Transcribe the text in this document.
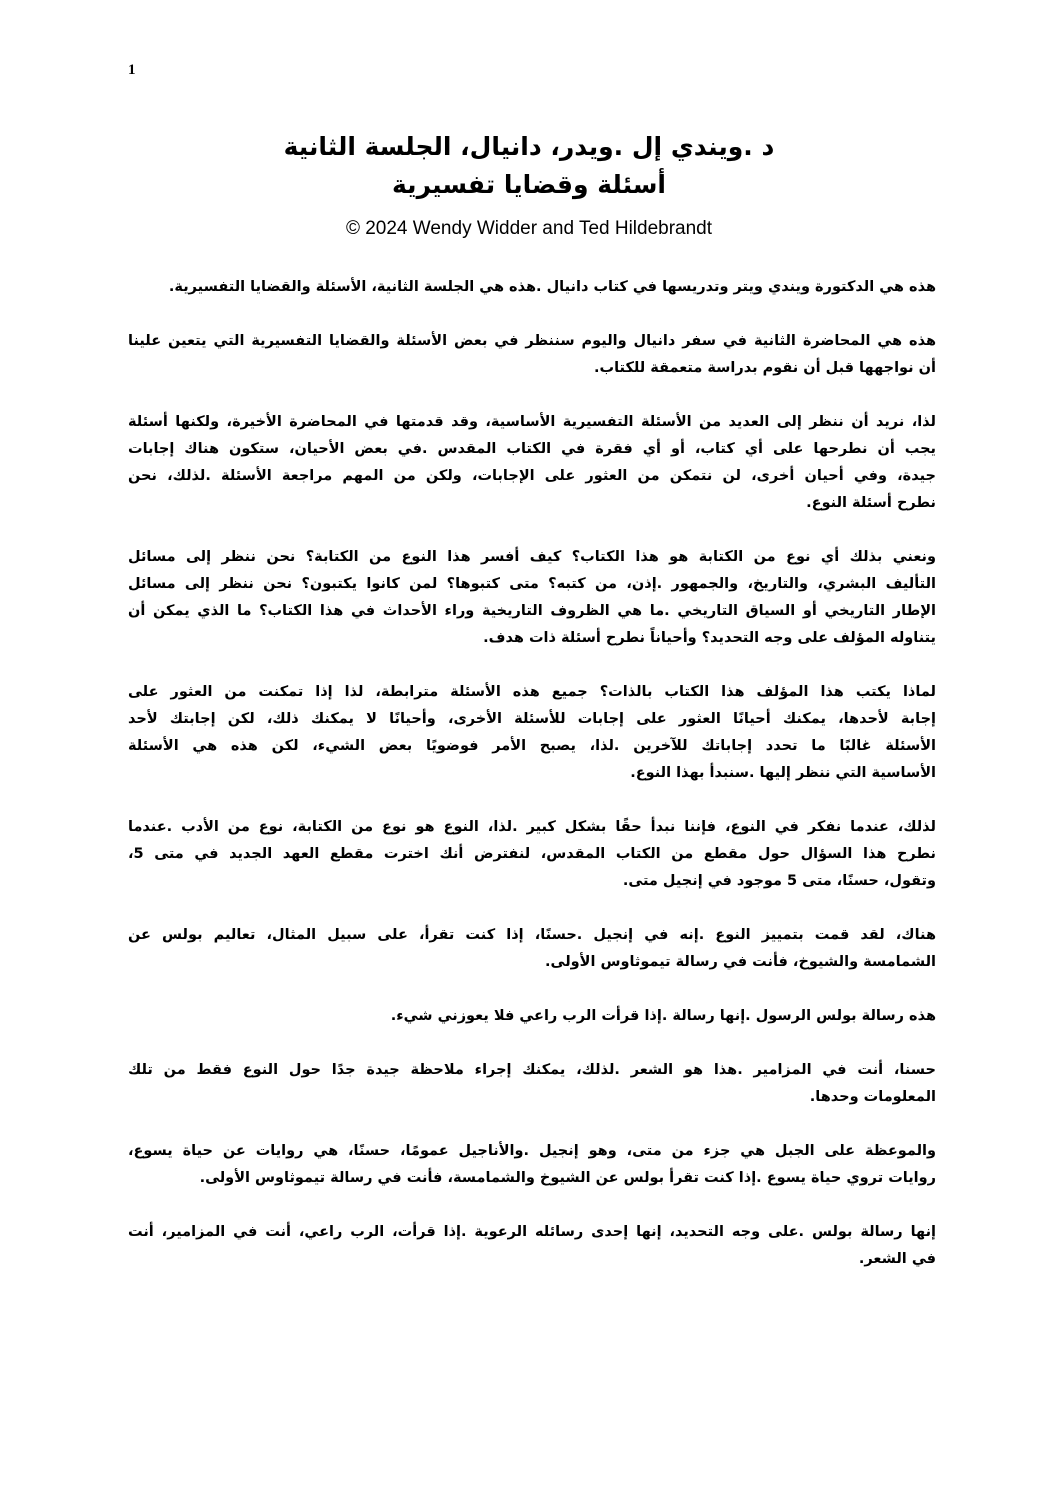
1
د .ويندي إل .ويدر، دانيال، الجلسة الثانية
أسئلة وقضايا تفسيرية
© 2024 Wendy Widder and Ted Hildebrandt
هذه هي الدكتورة ويندي ويتر وتدريسها في كتاب دانيال .هذه هي الجلسة الثانية، الأسئلة والقضايا التفسيرية.
هذه هي المحاضرة الثانية في سفر دانيال واليوم سننظر في بعض الأسئلة والقضايا التفسيرية التي يتعين علينا
أن نواجهها قبل أن نقوم بدراسة متعمقة للكتاب.
لذا، نريد أن ننظر إلى العديد من الأسئلة التفسيرية الأساسية، وقد قدمتها في المحاضرة الأخيرة، ولكنها أسئلة
يجب أن نطرحها على أي كتاب، أو أي فقرة في الكتاب المقدس .في بعض الأحيان، ستكون هناك إجابات
جيدة، وفي أحيان أخرى، لن نتمكن من العثور على الإجابات، ولكن من المهم مراجعة الأسئلة .لذلك، نحن
نطرح أسئلة النوع.
ونعني بذلك أي نوع من الكتابة هو هذا الكتاب؟ كيف أفسر هذا النوع من الكتابة؟ نحن ننظر إلى مسائل
التأليف البشري، والتاريخ، والجمهور .إذن، من كتبه؟ متى كتبوها؟ لمن كانوا يكتبون؟ نحن ننظر إلى مسائل
الإطار التاريخي أو السياق التاريخي .ما هي الظروف التاريخية وراء الأحداث في هذا الكتاب؟ ما الذي يمكن أن
يتناوله المؤلف على وجه التحديد؟ وأحياناً نطرح أسئلة ذات هدف.
لماذا يكتب هذا المؤلف هذا الكتاب بالذات؟ جميع هذه الأسئلة مترابطة، لذا إذا تمكنت من العثور على
إجابة لأحدها، يمكنك أحيانًا العثور على إجابات للأسئلة الأخرى، وأحيانًا لا يمكنك ذلك، لكن إجابتك لأحد
الأسئلة غالبًا ما تحدد إجاباتك للآخرين .لذا، يصبح الأمر فوضويًا بعض الشيء، لكن هذه هي الأسئلة
الأساسية التي ننظر إليها .سنبدأ بهذا النوع.
لذلك، عندما نفكر في النوع، فإننا نبدأ حقًا بشكل كبير .لذا، النوع هو نوع من الكتابة، نوع من الأدب .عندما
نطرح هذا السؤال حول مقطع من الكتاب المقدس، لنفترض أنك اخترت مقطع العهد الجديد في متى 5،
وتقول، حسنًا، متى 5 موجود في إنجيل متى.
هناك، لقد قمت بتمييز النوع .إنه في إنجيل .حسنًا، إذا كنت تقرأ، على سبيل المثال، تعاليم بولس عن
الشمامسة والشيوخ، فأنت في رسالة تيموثاوس الأولى.
هذه رسالة بولس الرسول .إنها رسالة .إذا قرأت الرب راعي فلا يعوزني شيء.
حسنا، أنت في المزامير .هذا هو الشعر .لذلك، يمكنك إجراء ملاحظة جيدة جدًا حول النوع فقط من تلك
المعلومات وحدها.
والموعظة على الجبل هي جزء من متى، وهو إنجيل .والأناجيل عمومًا، حسنًا، هي روايات عن حياة يسوع،
روايات تروي حياة يسوع .إذا كنت تقرأ بولس عن الشيوخ والشمامسة، فأنت في رسالة تيموثاوس الأولى.
إنها رسالة بولس .على وجه التحديد، إنها إحدى رسائله الرعوية .إذا قرأت، الرب راعي، أنت في المزامير، أنت
في الشعر.
